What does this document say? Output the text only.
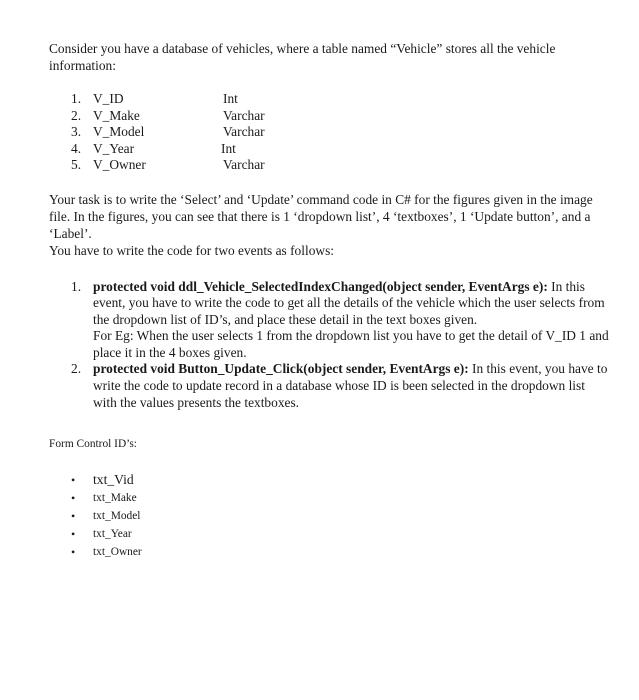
Consider you have a database of vehicles, where a table named “Vehicle” stores all the vehicle information:

1. V_ID	Int
2. V_Make	Varchar
3. V_Model	Varchar
4. V_Year	Int
5. V_Owner	Varchar

Your task is to write the ‘Select’ and ‘Update’ command code in C# for the figures given in the image file. In the figures, you can see that there is 1 ‘dropdown list’, 4 ‘textboxes’, 1 ‘Update button’, and a ‘Label’.

You have to write the code for two events as follows:

1. protected void ddl_Vehicle_SelectedIndexChanged(object sender, EventArgs e): In this event, you have to write the code to get all the details of the vehicle which the user selects from the dropdown list of ID’s, and place these detail in the text boxes given.
For Eg: When the user selects 1 from the dropdown list you have to get the detail of V_ID 1 and place it in the 4 boxes given.
2. protected void Button_Update_Click(object sender, EventArgs e): In this event, you have to write the code to update record in a database whose ID is been selected in the dropdown list with the values presents the textboxes.
Form Control ID’s:
•	txt_Vid
•	txt_Make
•	txt_Model
•	txt_Year
•	txt_Owner
